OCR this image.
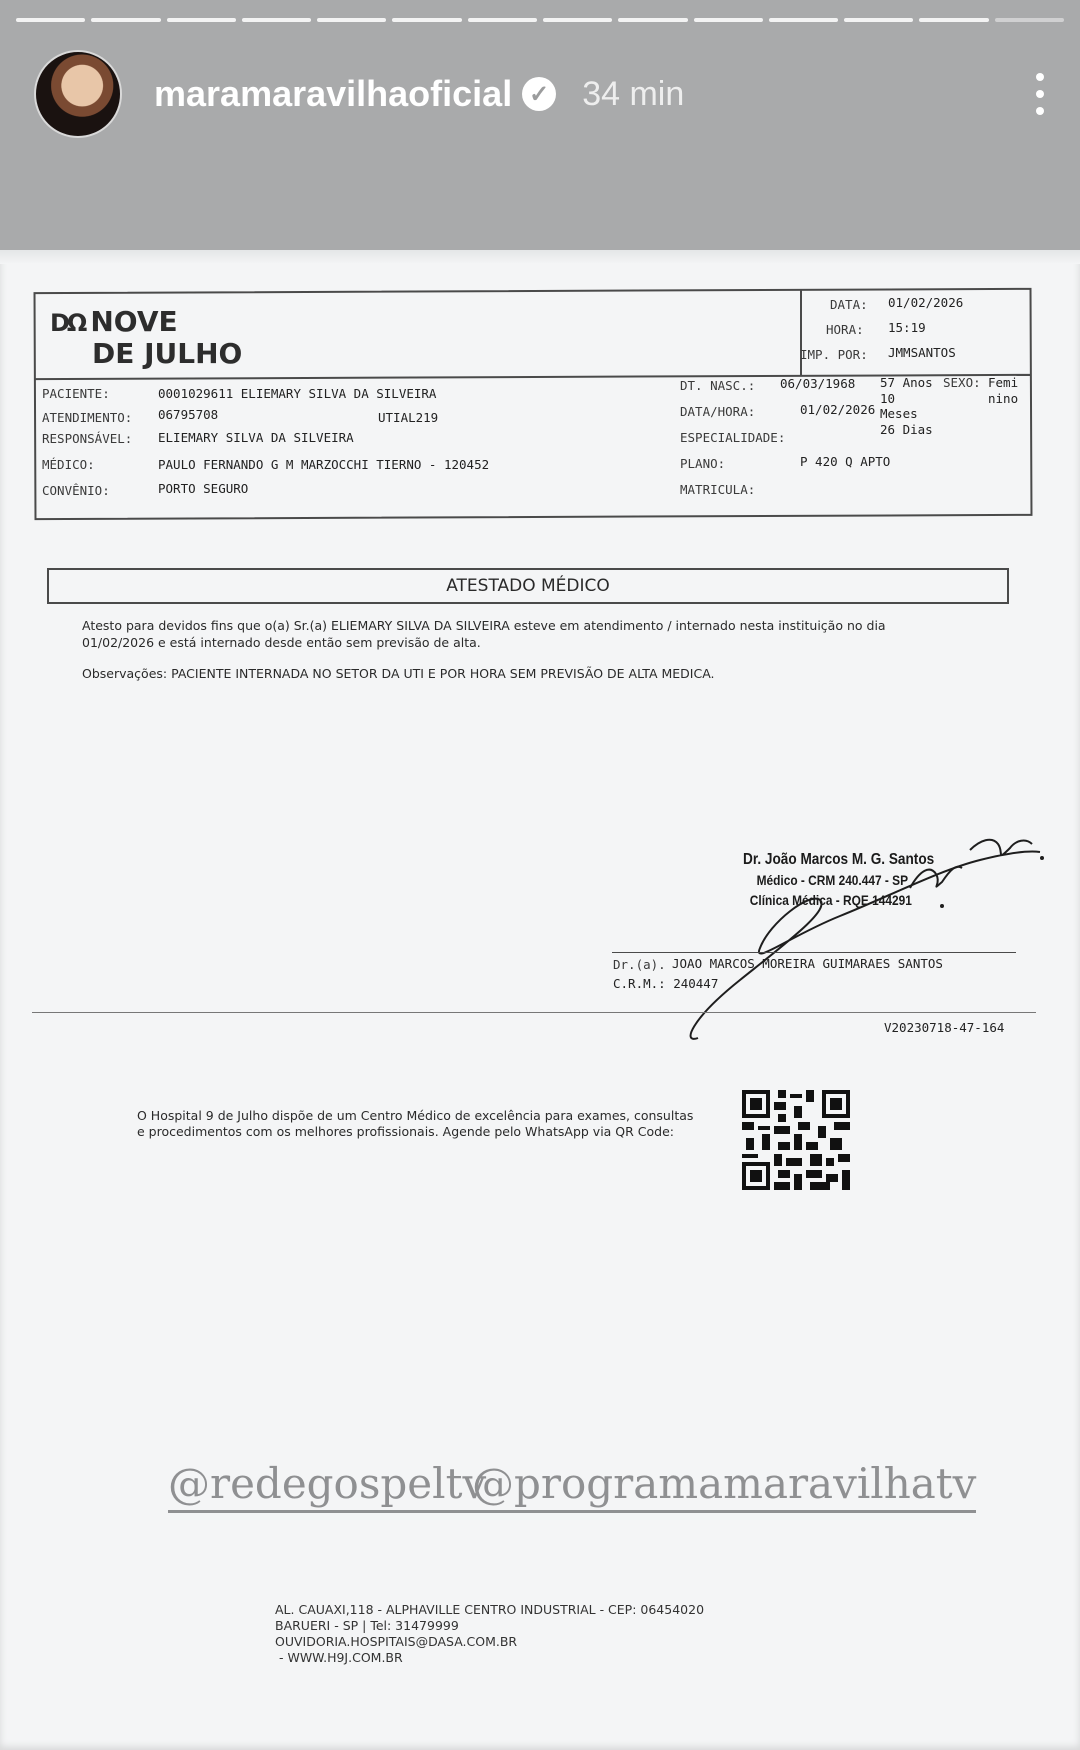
maramaravilhaoficial ✓ 34 min
DΩ NOVE
DE JULHO
DATA: 01/02/2026
HORA: 15:19
IMP. POR: JMMSANTOS
PACIENTE:	0001029611 ELIEMARY SILVA DA SILVEIRA
ATENDIMENTO: 06795708	UTIAL219
RESPONSÁVEL: ELIEMARY SILVA DA SILVEIRA
MÉDICO:	PAULO FERNANDO G M MARZOCCHI TIERNO - 120452
CONVÊNIO:	PORTO SEGURO
DT. NASC.: 06/03/1968 57 Anos
10
Meses
26 Dias
SEXO: Femi
nino
DATA/HORA:	01/02/2026
ESPECIALIDADE:
PLANO:	P 420 Q APTO
MATRICULA:
ATESTADO MÉDICO
Atesto para devidos fins que o(a) Sr.(a) ELIEMARY SILVA DA SILVEIRA esteve em atendimento / internado nesta instituição no dia
01/02/2026 e está internado desde então sem previsão de alta.
Observações: PACIENTE INTERNADA NO SETOR DA UTI E POR HORA SEM PREVISÃO DE ALTA MEDICA.
Dr. João Marcos M. G. Santos
Médico - CRM 240.447 - SP
Clínica Médica - RQE 144291
Dr.(a). JOAO MARCOS MOREIRA GUIMARAES SANTOS
C.R.M.: 240447
V20230718-47-164
O Hospital 9 de Julho dispõe de um Centro Médico de excelência para exames, consultas
e procedimentos com os melhores profissionais. Agende pelo WhatsApp via QR Code:
@redegospeltv
@programamaravilhatv
AL. CAUAXI,118 - ALPHAVILLE CENTRO INDUSTRIAL - CEP: 06454020
BARUERI - SP | Tel: 31479999
OUVIDORIA.HOSPITAIS@DASA.COM.BR
- WWW.H9J.COM.BR
